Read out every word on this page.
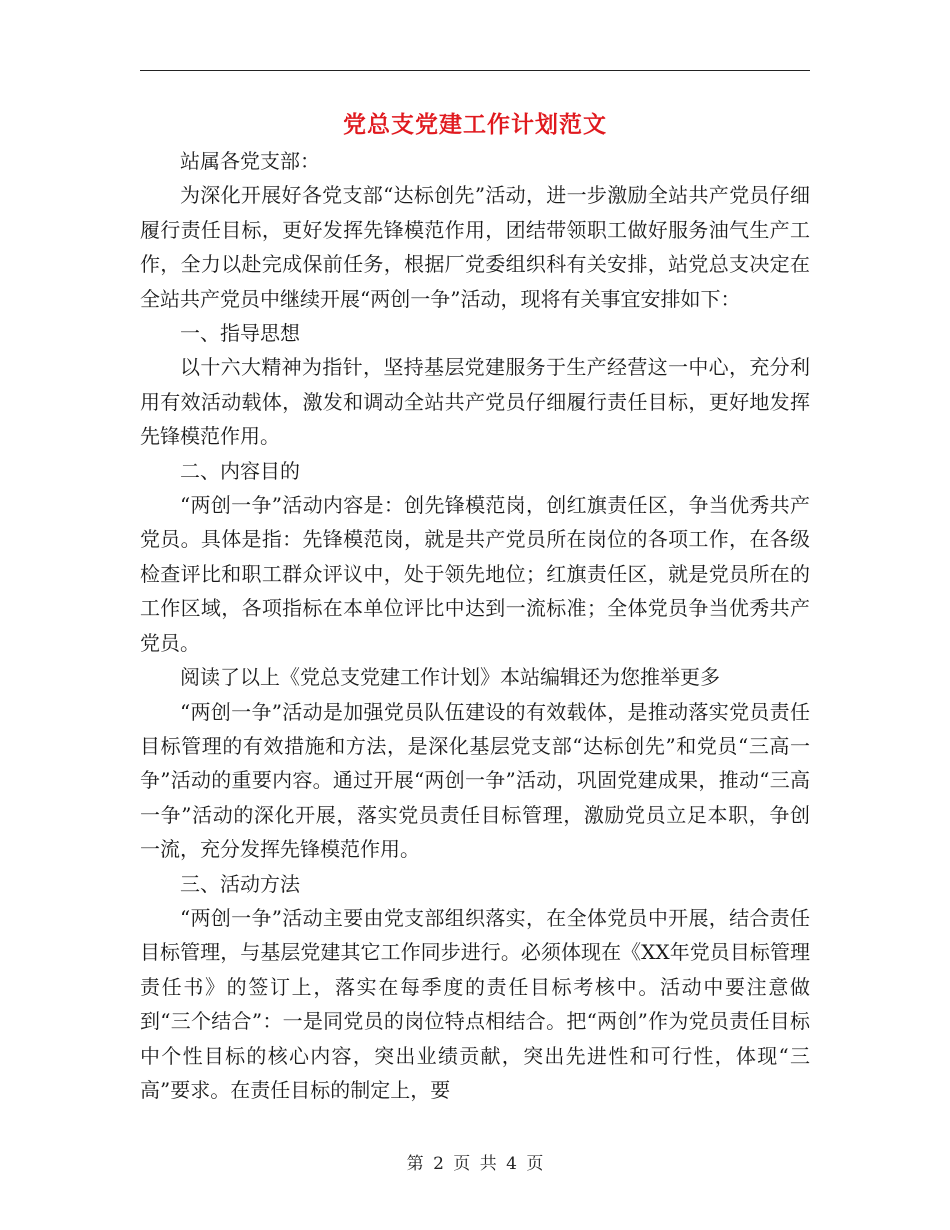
党总支党建工作计划范文

站属各党支部：

为深化开展好各党支部“达标创先”活动，进一步激励全站共产党员仔细履行责任目标，更好发挥先锋模范作用，团结带领职工做好服务油气生产工作，全力以赴完成保前任务，根据厂党委组织科有关安排，站党总支决定在全站共产党员中继续开展“两创一争”活动，现将有关事宜安排如下：

一、指导思想

以十六大精神为指针，坚持基层党建服务于生产经营这一中心，充分利用有效活动载体，激发和调动全站共产党员仔细履行责任目标，更好地发挥先锋模范作用。

二、内容目的

“两创一争”活动内容是：创先锋模范岗，创红旗责任区，争当优秀共产党员。具体是指：先锋模范岗，就是共产党员所在岗位的各项工作，在各级检查评比和职工群众评议中，处于领先地位；红旗责任区，就是党员所在的工作区域，各项指标在本单位评比中达到一流标准；全体党员争当优秀共产党员。

阅读了以上《党总支党建工作计划》本站编辑还为您推举更多

“两创一争”活动是加强党员队伍建设的有效载体，是推动落实党员责任目标管理的有效措施和方法，是深化基层党支部“达标创先”和党员“三高一争”活动的重要内容。通过开展“两创一争”活动，巩固党建成果，推动“三高一争”活动的深化开展，落实党员责任目标管理，激励党员立足本职，争创一流，充分发挥先锋模范作用。

三、活动方法

“两创一争”活动主要由党支部组织落实，在全体党员中开展，结合责任目标管理，与基层党建其它工作同步进行。必须体现在《XX年党员目标管理责任书》的签订上，落实在每季度的责任目标考核中。活动中要注意做到“三个结合”：一是同党员的岗位特点相结合。把“两创”作为党员责任目标中个性目标的核心内容，突出业绩贡献，突出先进性和可行性，体现“三高”要求。在责任目标的制定上，要

第 2 页 共 4 页
